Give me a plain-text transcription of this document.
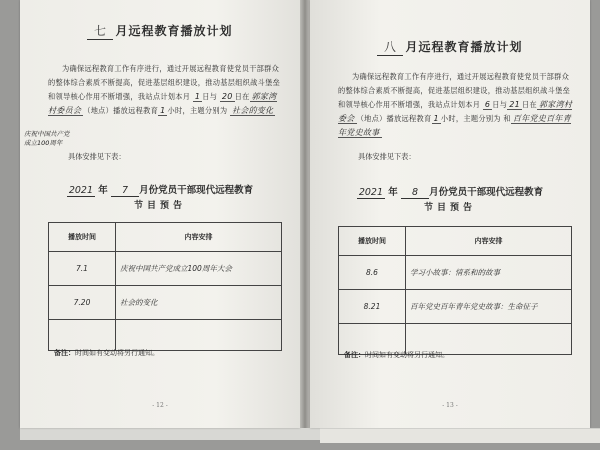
七 月远程教育播放计划
为确保远程教育工作有序进行，通过开展远程教育使党员干部群众的整体综合素质不断提高，促进基层组织建设，推动基层组织战斗堡垒和领导核心作用不断增强，我站点计划本月 1 日与 20 日在 郭家湾村委员会 （地点）播放远程教育 1 小时，主题分别为 社会的变化
庆祝中国共产党
成立100周年
具体安排见下表：
2021 年 7 月份党员干部现代远程教育
节目预告
播放时间	内容安排
7.1	庆祝中国共产党成立100周年大会
7.20	社会的变化

备注：时间如有变动将另行通知。
- 12 -
八 月远程教育播放计划
为确保远程教育工作有序进行，通过开展远程教育使党员干部群众的整体综合素质不断提高，促进基层组织建设，推动基层组织战斗堡垒和领导核心作用不断增强，我站点计划本月 6 日与 21 日在 郭家湾村委会 （地点）播放远程教育 1 小时，主题分别为 和 百年党史百年青年党史故事
具体安排见下表：
2021 年 8 月份党员干部现代远程教育
节目预告
播放时间	内容安排
8.6	学习小故事：情系和的故事
8.21	百年党史百年青年党史故事：生命征子

备注：时间如有变动将另行通知。
- 13 -
